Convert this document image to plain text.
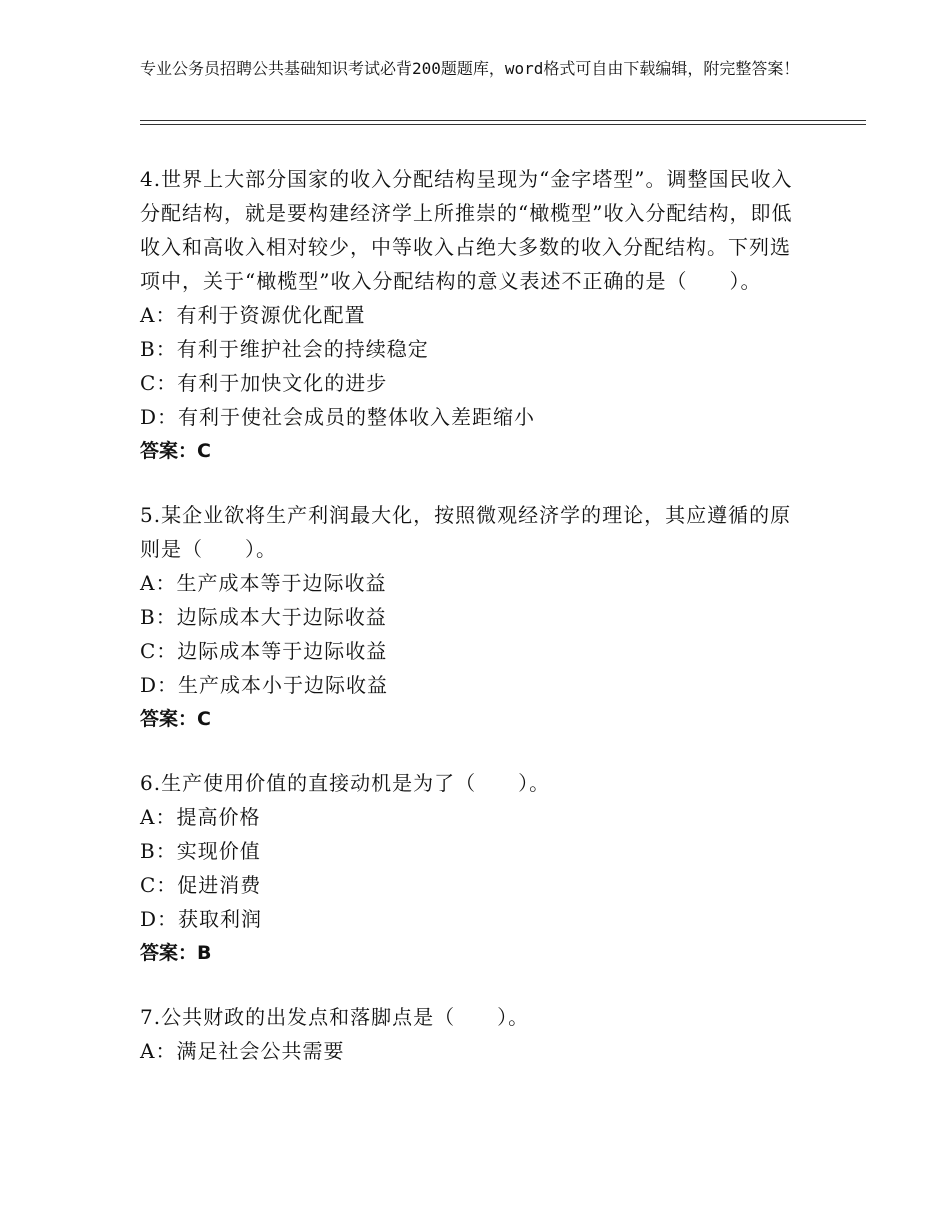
专业公务员招聘公共基础知识考试必背200题题库，word格式可自由下载编辑，附完整答案！
4.世界上大部分国家的收入分配结构呈现为“金字塔型”。调整国民收入分配结构，就是要构建经济学上所推崇的“橄榄型”收入分配结构，即低收入和高收入相对较少，中等收入占绝大多数的收入分配结构。下列选项中，关于“橄榄型”收入分配结构的意义表述不正确的是（　　）。
A：有利于资源优化配置
B：有利于维护社会的持续稳定
C：有利于加快文化的进步
D：有利于使社会成员的整体收入差距缩小
答案：C
5.某企业欲将生产利润最大化，按照微观经济学的理论，其应遵循的原则是（　　）。
A：生产成本等于边际收益
B：边际成本大于边际收益
C：边际成本等于边际收益
D：生产成本小于边际收益
答案：C
6.生产使用价值的直接动机是为了（　　）。
A：提高价格
B：实现价值
C：促进消费
D：获取利润
答案：B
7.公共财政的出发点和落脚点是（　　）。
A：满足社会公共需要
